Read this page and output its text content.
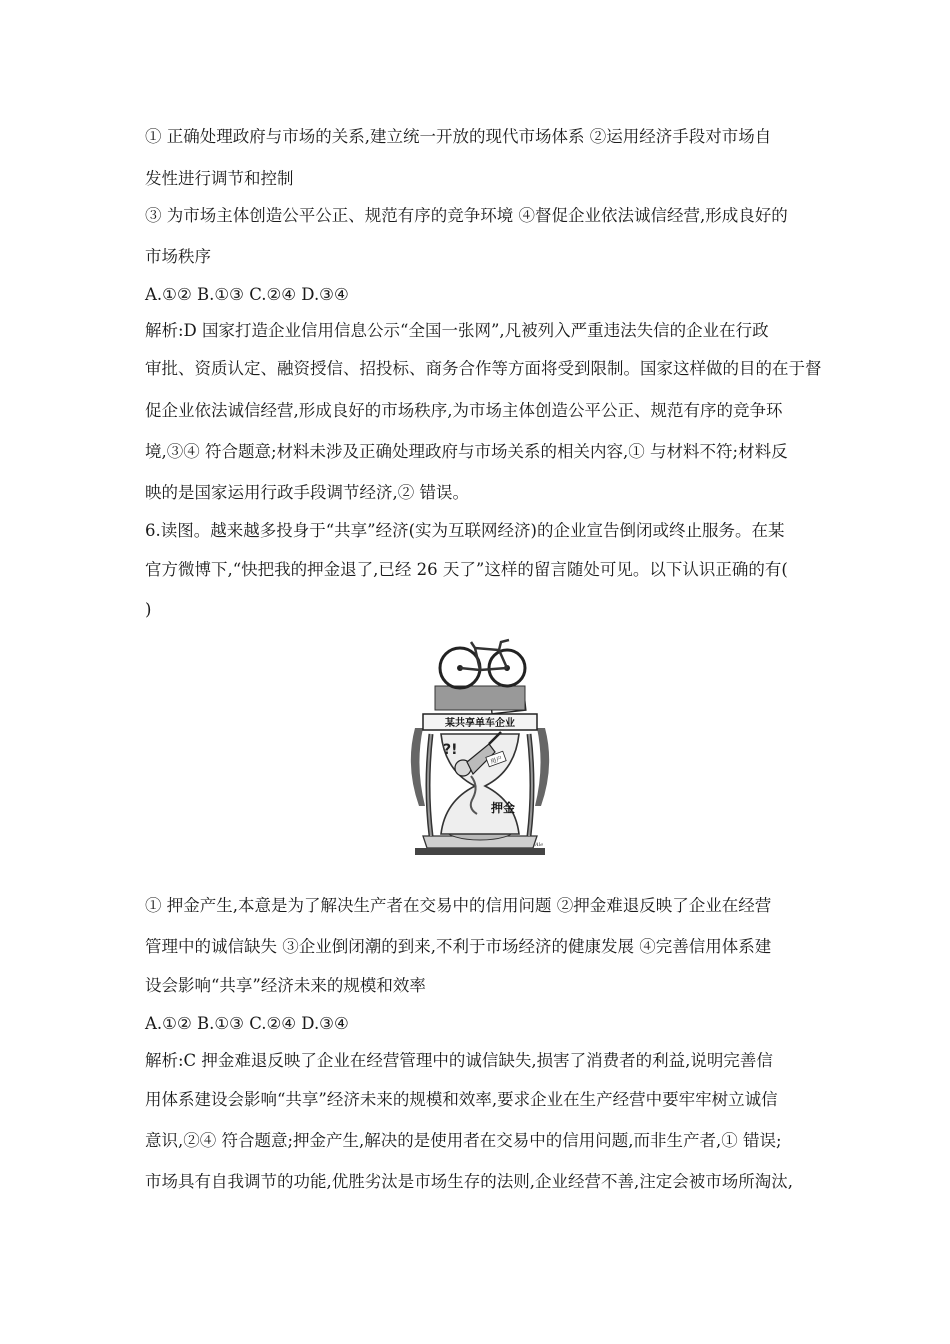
① 正确处理政府与市场的关系,建立统一开放的现代市场体系 ②运用经济手段对市场自
发性进行调节和控制
③ 为市场主体创造公平公正、规范有序的竞争环境 ④督促企业依法诚信经营,形成良好的
市场秩序
A.①② B.①③ C.②④ D.③④
解析:D 国家打造企业信用信息公示“全国一张网”,凡被列入严重违法失信的企业在行政
审批、资质认定、融资授信、招投标、商务合作等方面将受到限制。国家这样做的目的在于督
促企业依法诚信经营,形成良好的市场秩序,为市场主体创造公平公正、规范有序的竞争环
境,③④ 符合题意;材料未涉及正确处理政府与市场关系的相关内容,① 与材料不符;材料反
映的是国家运用行政手段调节经济,② 错误。
6.读图。越来越多投身于“共享”经济(实为互联网经济)的企业宣告倒闭或终止服务。在某
官方微博下,“快把我的押金退了,已经 26 天了”这样的留言随处可见。以下认识正确的有(
)
某共享单车企业
?!
用户
押金
Ale
① 押金产生,本意是为了解决生产者在交易中的信用问题 ②押金难退反映了企业在经营
管理中的诚信缺失 ③企业倒闭潮的到来,不利于市场经济的健康发展 ④完善信用体系建
设会影响“共享”经济未来的规模和效率
A.①② B.①③ C.②④ D.③④
解析:C 押金难退反映了企业在经营管理中的诚信缺失,损害了消费者的利益,说明完善信
用体系建设会影响“共享”经济未来的规模和效率,要求企业在生产经营中要牢牢树立诚信
意识,②④ 符合题意;押金产生,解决的是使用者在交易中的信用问题,而非生产者,① 错误;
市场具有自我调节的功能,优胜劣汰是市场生存的法则,企业经营不善,注定会被市场所淘汰,
